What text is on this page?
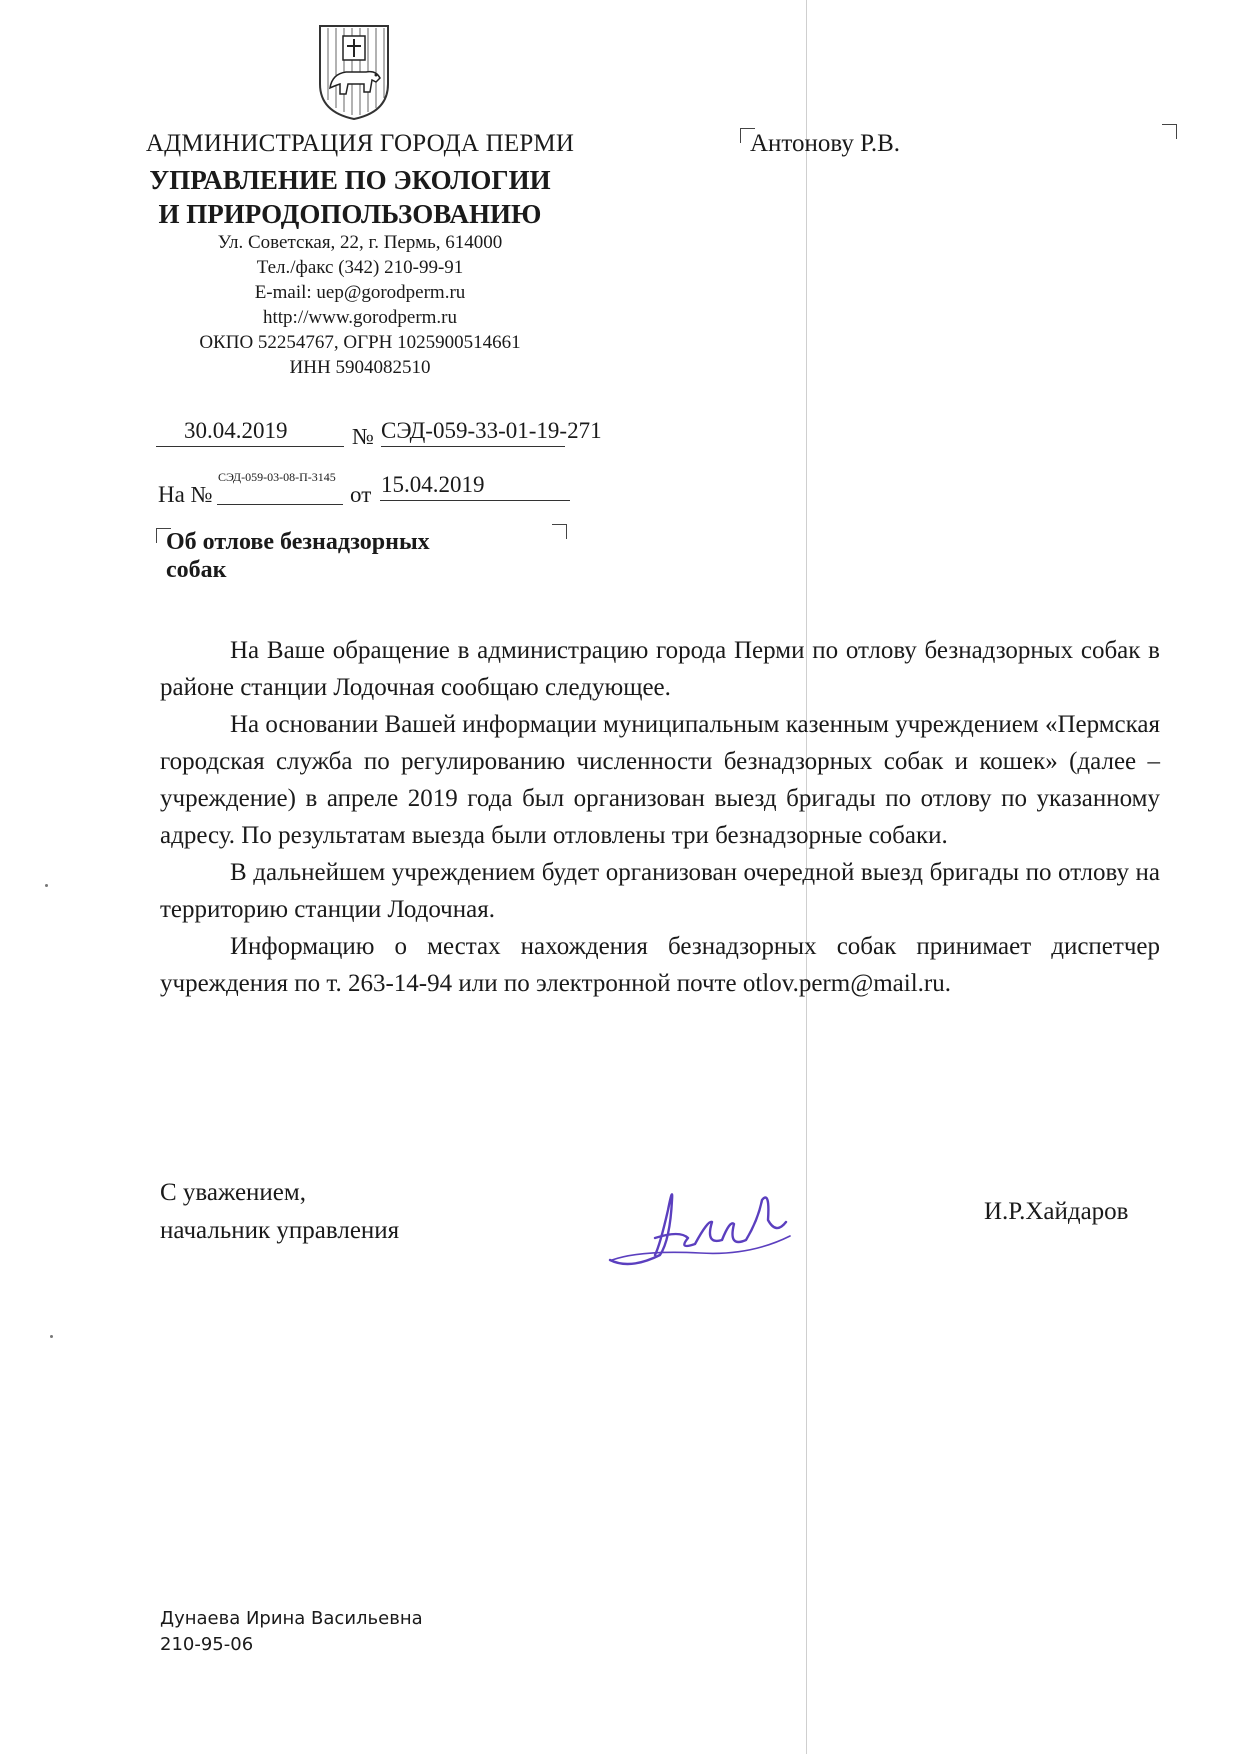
АДМИНИСТРАЦИЯ ГОРОДА ПЕРМИ
УПРАВЛЕНИЕ ПО ЭКОЛОГИИ
И ПРИРОДОПОЛЬЗОВАНИЮ
Ул. Советская, 22, г. Пермь, 614000
Тел./факс (342) 210-99-91
E-mail: uep@gorodperm.ru
http://www.gorodperm.ru
ОКПО 52254767, ОГРН 1025900514661
ИНН 5904082510
Антонову Р.В.
30.04.2019	№ СЭД-059-33-01-19-271
На №
СЭД-059-03-08-П-3145
от 15.04.2019
Об отлове безнадзорных
собак

На Ваше обращение в администрацию города Перми по отлову безнадзорных собак в районе станции Лодочная сообщаю следующее.

На основании Вашей информации муниципальным казенным учреждением «Пермская городская служба по регулированию численности безнадзорных собак и кошек» (далее – учреждение) в апреле 2019 года был организован выезд бригады по отлову по указанному адресу. По результатам выезда были отловлены три безнадзорные собаки.

В дальнейшем учреждением будет организован очередной выезд бригады по отлову на территорию станции Лодочная.

Информацию о местах нахождения безнадзорных собак принимает диспетчер учреждения по т. 263-14-94 или по электронной почте otlov.perm@mail.ru.

С уважением,
начальник управления
И.Р.Хайдаров
Дунаева Ирина Васильевна
210-95-06
